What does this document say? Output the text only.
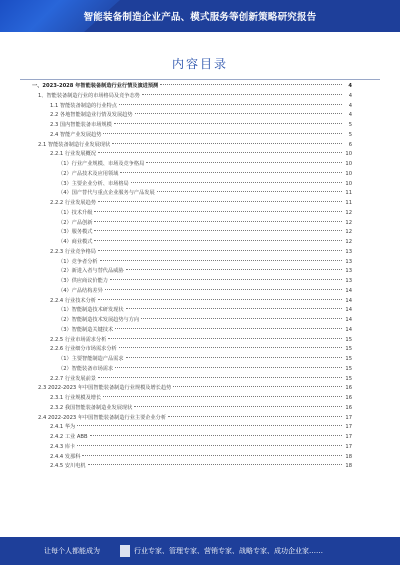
智能装备制造企业产品、模式服务等创新策略研究报告
内容目录
一、2023-2028 年智能装备制造行业行情及演进预测	4
1、智能装备制造行业的市场格局及竞争态势	4
1.1 智能装备制造的行业特点	4
2.2 各地智能制造业行情及发展趋势	4
2.3 国内智能装备市场规模	5
2.4 智能产业发展趋势	5
2.1 智能装备制造行业发展现状	6
2.2.1 行业发展概况	10
（1）行业产业规模、市场及竞争格局	10
（2）产品技术及应用领域	10
（3）主要企业分析、市场格局	10
（4）国产替代与重点企业服务与产品发展	11
2.2.2 行业发展趋势	11
（1）技术升级	12
（2）产品创新	12
（3）服务模式	12
（4）商业模式	12
2.2.3 行业竞争格局	13
（1）竞争者分析	13
（2）新进入者与替代品威胁	13
（3）供应商议价能力	13
（4）产品结构差异	14
2.2.4 行业技术分析	14
（1）智能制造技术研发现状	14
（2）智能制造技术发展趋势与方向	14
（3）智能制造关键技术	14
2.2.5 行业市场需求分析	15
2.2.6 行业细分市场需求分析	15
（1）主要智能制造产品需求	15
（2）智能装备市场需求	15
2.2.7 行业发展前景	15
2.3 2022-2023 年中国智能装备制造行业规模及增长趋势	16
2.3.1 行业规模及增长	16
2.3.2 我国智能装备制造业发展现状	16
2.4 2022-2023 年中国智能装备制造行业主要企业分析	17
2.4.1 华为	17
2.4.2 工业 ABB	17
2.4.3 库卡	17
2.4.4 发那科	18
2.4.5 安川电机	18
让每个人都能成为	行业专家、管理专家、营销专家、战略专家、成功企业家……
